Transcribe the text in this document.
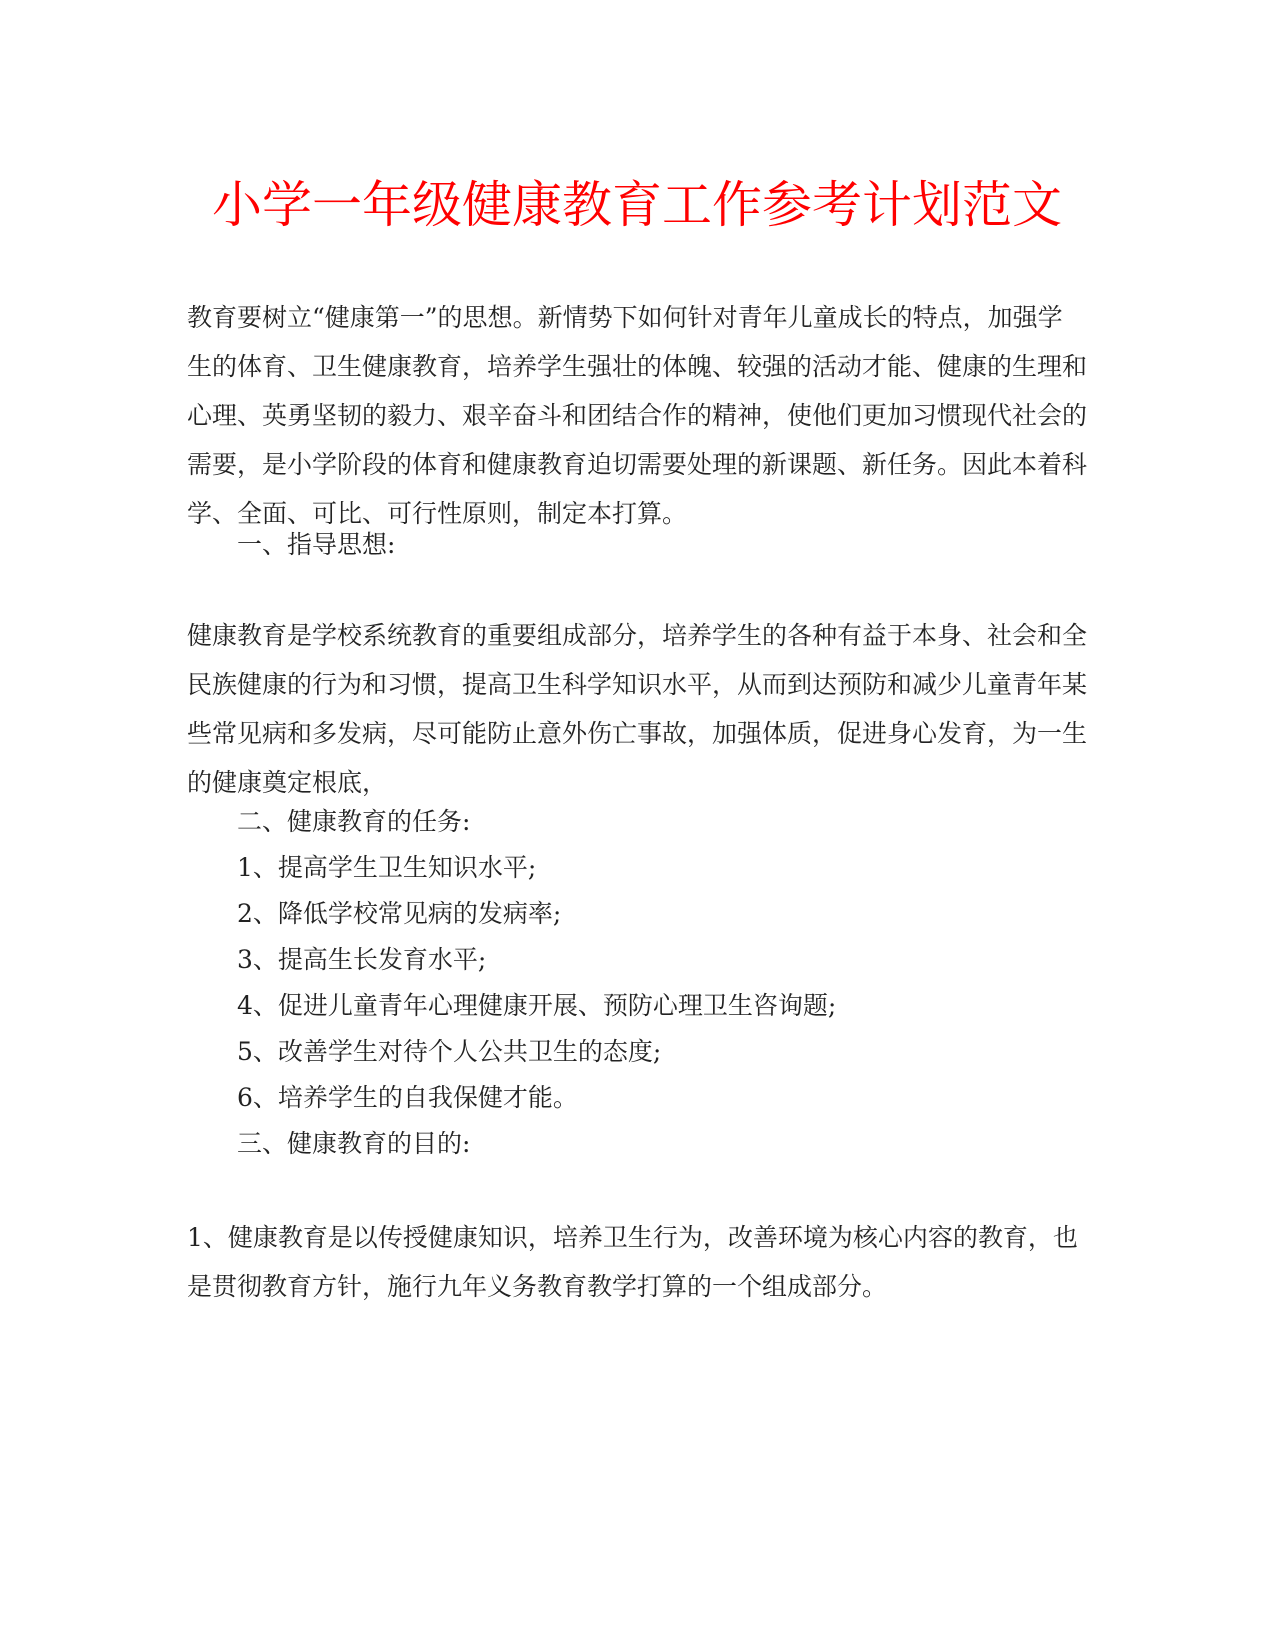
小学一年级健康教育工作参考计划范文

教育要树立“健康第一”的思想。新情势下如何针对青年儿童成长的特点，加强学生的体育、卫生健康教育，培养学生强壮的体魄、较强的活动才能、健康的生理和心理、英勇坚韧的毅力、艰辛奋斗和团结合作的精神，使他们更加习惯现代社会的需要，是小学阶段的体育和健康教育迫切需要处理的新课题、新任务。因此本着科学、全面、可比、可行性原则，制定本打算。

一、指导思想:

健康教育是学校系统教育的重要组成部分，培养学生的各种有益于本身、社会和全民族健康的行为和习惯，提高卫生科学知识水平，从而到达预防和减少儿童青年某些常见病和多发病，尽可能防止意外伤亡事故，加强体质，促进身心发育，为一生的健康奠定根底，

二、健康教育的任务:

1、提高学生卫生知识水平;

2、降低学校常见病的发病率;

3、提高生长发育水平;

4、促进儿童青年心理健康开展、预防心理卫生咨询题;

5、改善学生对待个人公共卫生的态度;

6、培养学生的自我保健才能。

三、健康教育的目的:

1、健康教育是以传授健康知识，培养卫生行为，改善环境为核心内容的教育，也是贯彻教育方针，施行九年义务教育教学打算的一个组成部分。
